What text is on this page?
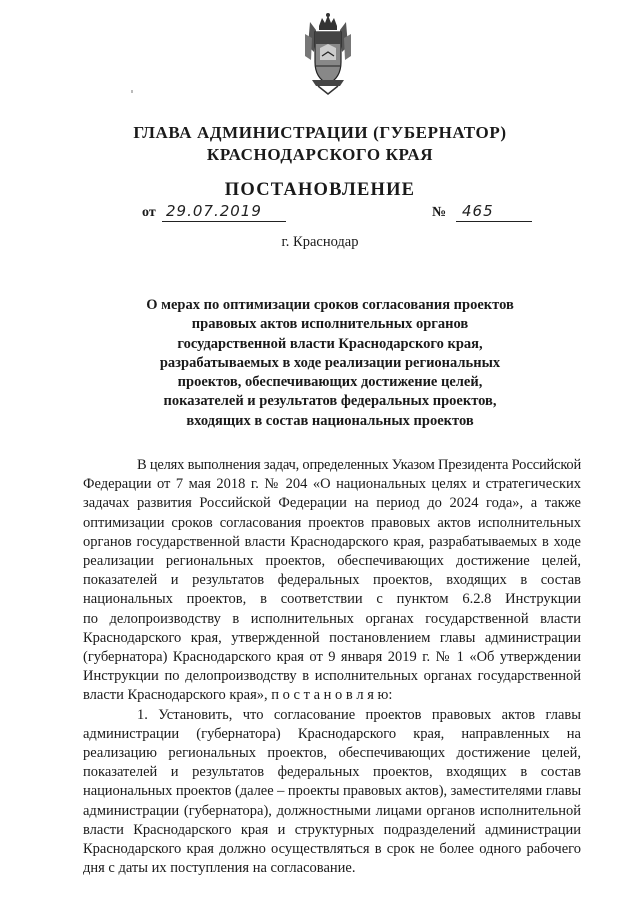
ГЛАВА АДМИНИСТРАЦИИ (ГУБЕРНАТОР)
КРАСНОДАРСКОГО КРАЯ
ПОСТАНОВЛЕНИЕ
от 29.07.2019	№	465
г. Краснодар
О мерах по оптимизации сроков согласования проектов
правовых актов исполнительных органов
государственной власти Краснодарского края,
разрабатываемых в ходе реализации региональных
проектов, обеспечивающих достижение целей,
показателей и результатов федеральных проектов,
входящих в состав национальных проектов
В целях выполнения задач, определенных Указом Президента Российской
Федерации от 7 мая 2018 г. № 204 «О национальных целях и стратегических
задачах развития Российской Федерации на период до 2024 года», а также
оптимизации сроков согласования проектов правовых актов исполнительных
органов государственной власти Краснодарского края, разрабатываемых в ходе
реализации региональных проектов, обеспечивающих достижение целей,
показателей и результатов федеральных проектов, входящих в состав
национальных проектов, в соответствии с пунктом 6.2.8 Инструкции
по делопроизводству в исполнительных органах государственной власти
Краснодарского края, утвержденной постановлением главы администрации
(губернатора) Краснодарского края от 9 января 2019 г. № 1 «Об утверждении
Инструкции по делопроизводству в исполнительных органах государственной
власти Краснодарского края», п о с т а н о в л я ю:
1. Установить, что согласование проектов правовых актов главы
администрации (губернатора) Краснодарского края, направленных на
реализацию региональных проектов, обеспечивающих достижение целей,
показателей и результатов федеральных проектов, входящих в состав
национальных проектов (далее – проекты правовых актов), заместителями главы
администрации (губернатора), должностными лицами органов исполнительной
власти Краснодарского края и структурных подразделений администрации
Краснодарского края должно осуществляться в срок не более одного рабочего
дня с даты их поступления на согласование.
